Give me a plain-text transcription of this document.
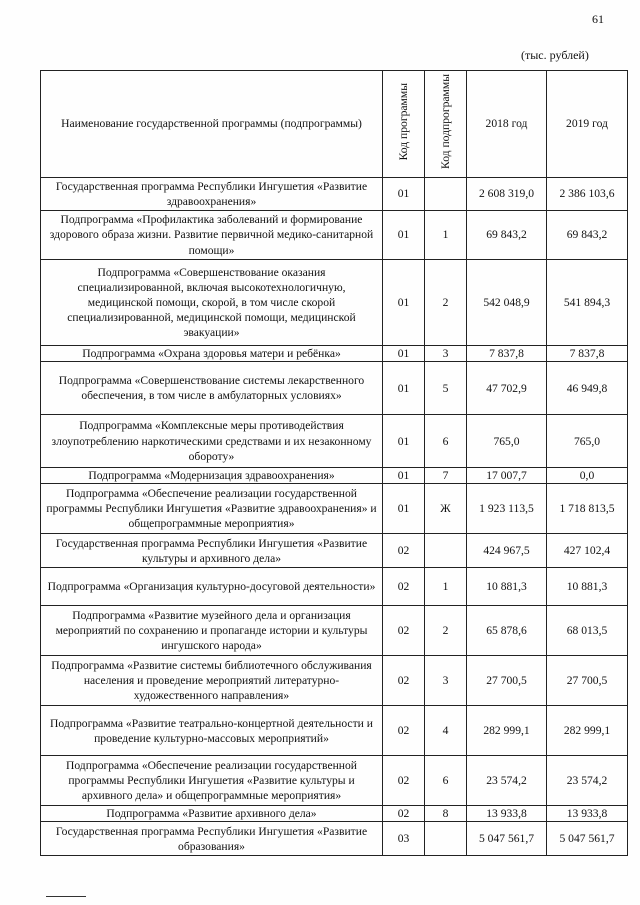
61
(тыс. рублей)
Наименование государственной программы (подпрограммы)	Код программы	Код подпрограммы	2018 год	2019 год
Государственная программа Республики Ингушетия «Развитие здравоохранения»	01		2 608 319,0	2 386 103,6
Подпрограмма «Профилактика заболеваний и формирование здорового образа жизни. Развитие первичной медико-санитарной помощи»	01	1	69 843,2	69 843,2
Подпрограмма «Совершенствование оказания специализированной, включая высокотехнологичную, медицинской помощи, скорой, в том числе скорой специализированной, медицинской помощи, медицинской эвакуации»	01	2	542 048,9	541 894,3
Подпрограмма «Охрана здоровья матери и ребёнка»	01	3	7 837,8	7 837,8
Подпрограмма «Совершенствование системы лекарственного обеспечения, в том числе в амбулаторных условиях»	01	5	47 702,9	46 949,8
Подпрограмма «Комплексные меры противодействия злоупотреблению наркотическими средствами и их незаконному обороту»	01	6	765,0	765,0
Подпрограмма «Модернизация здравоохранения»	01	7	17 007,7	0,0
Подпрограмма «Обеспечение реализации государственной программы Республики Ингушетия «Развитие здравоохранения» и общепрограммные мероприятия»	01	Ж	1 923 113,5	1 718 813,5
Государственная программа Республики Ингушетия «Развитие культуры и архивного дела»	02		424 967,5	427 102,4
Подпрограмма «Организация культурно-досуговой деятельности»	02	1	10 881,3	10 881,3
Подпрограмма «Развитие музейного дела и организация мероприятий по сохранению и пропаганде истории и культуры ингушского народа»	02	2	65 878,6	68 013,5
Подпрограмма «Развитие системы библиотечного обслуживания населения и проведение мероприятий литературно-художественного направления»	02	3	27 700,5	27 700,5
Подпрограмма «Развитие театрально-концертной деятельности и проведение культурно-массовых мероприятий»	02	4	282 999,1	282 999,1
Подпрограмма «Обеспечение реализации государственной программы Республики Ингушетия «Развитие культуры и архивного дела» и общепрограммные мероприятия»	02	6	23 574,2	23 574,2
Подпрограмма «Развитие архивного дела»	02	8	13 933,8	13 933,8
Государственная программа Республики Ингушетия «Развитие образования»	03		5 047 561,7	5 047 561,7
